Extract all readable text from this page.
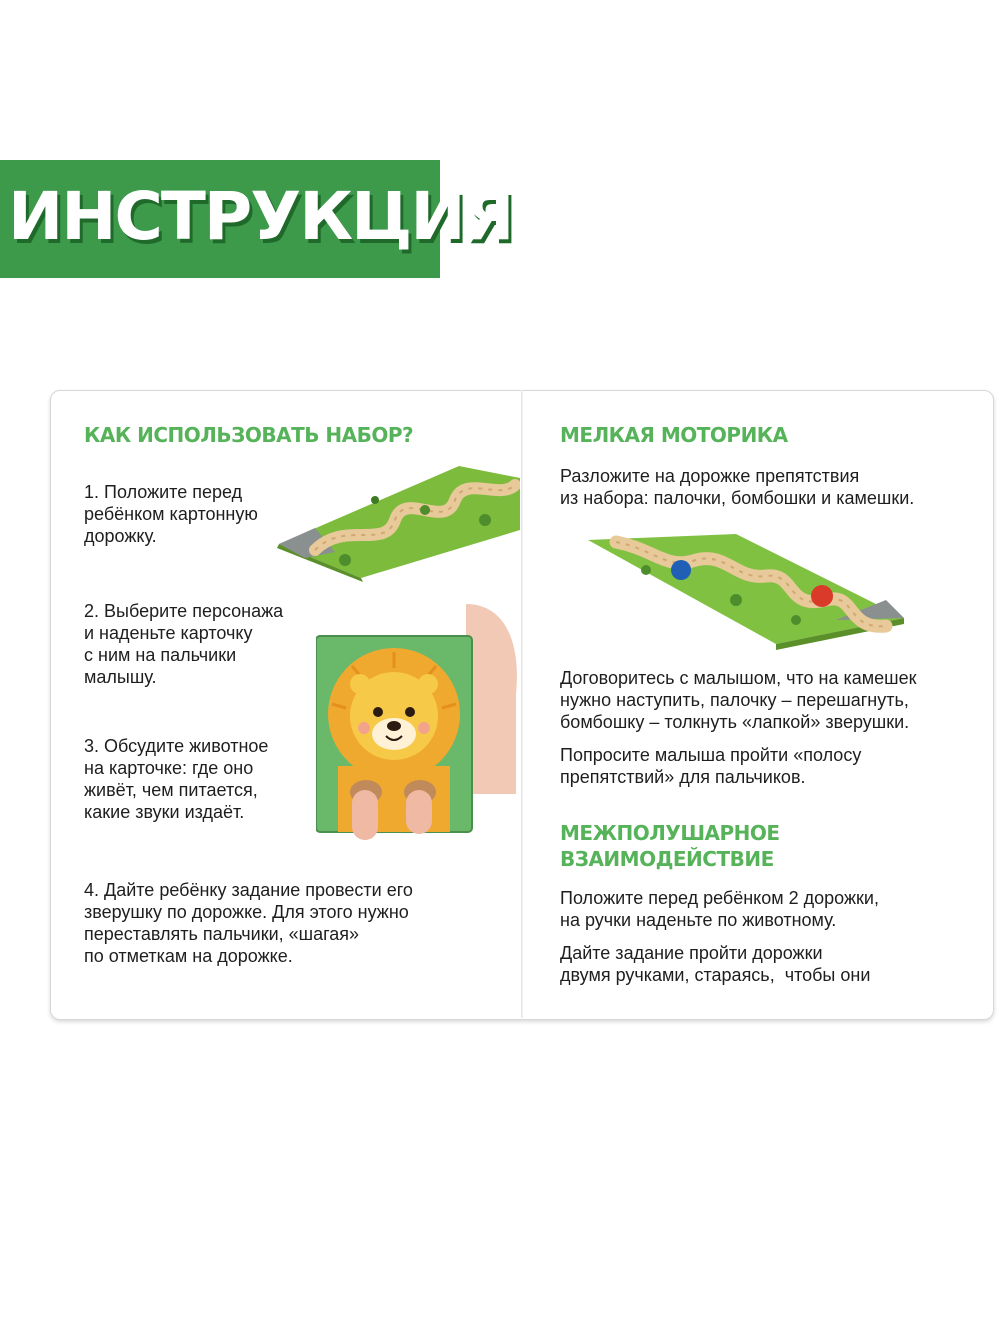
ИНСТРУКЦИЯ
КАК ИСПОЛЬЗОВАТЬ НАБОР?
1. Положите перед
ребёнком картонную
дорожку.
2. Выберите персонажа
и наденьте карточку
с ним на пальчики
малышу.
3. Обсудите животное
на карточке: где оно
живёт, чем питается,
какие звуки издаёт.
4. Дайте ребёнку задание провести его
зверушку по дорожке. Для этого нужно
переставлять пальчики, «шагая»
по отметкам на дорожке.
МЕЛКАЯ МОТОРИКА
Разложите на дорожке препятствия
из набора: палочки, бомбошки и камешки.
Договоритесь с малышом, что на камешек
нужно наступить, палочку – перешагнуть,
бомбошку – толкнуть «лапкой» зверушки.
Попросите малыша пройти «полосу
препятствий» для пальчиков.
МЕЖПОЛУШАРНОЕ
ВЗАИМОДЕЙСТВИЕ
Положите перед ребёнком 2 дорожки,
на ручки наденьте по животному.
Дайте задание пройти дорожки
двумя ручками, стараясь,  чтобы они
